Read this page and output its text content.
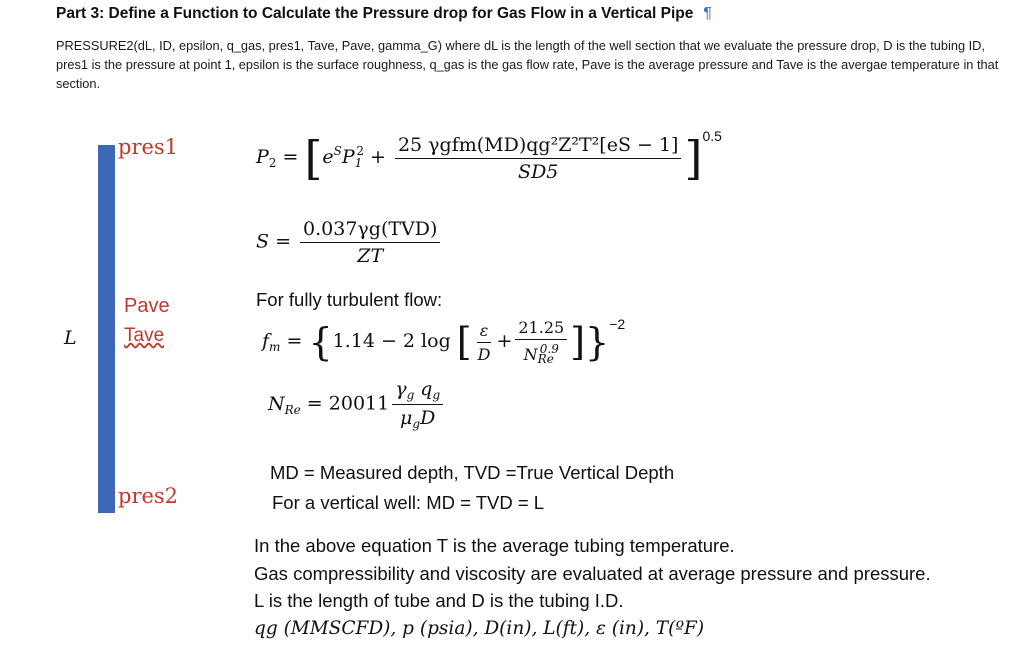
Part 3: Define a Function to Calculate the Pressure drop for Gas Flow in a Vertical Pipe ¶
PRESSURE2(dL, ID, epsilon, q_gas, pres1, Tave, Pave, gamma_G) where dL is the length of the well section that we evaluate the pressure drop, D is the tubing ID, pres1 is the pressure at point 1, epsilon is the surface roughness, q_gas is the gas flow rate, Pave is the average pressure and Tave is the avergae temperature in that section.
pres1
Pave
Tave
pres2
L
$P_2 = [e^SP_1^2 + \frac{\text{25 γgfm(MD)qg²Z²T²[eS − 1]}}{SD5} ]^{0.5}$
$S = \frac{\text{0.037γg(TVD)}}{ZT}$
For fully turbulent flow:
$f_m = \{1.14 - 2$ log [ $\frac{\varepsilon}{D} + \frac{21.25}{N_{Re}^{0.9}} ]\}^{-2}$
$N_{Re} = 20011 \frac{\gamma_g q_g}{\mu_gD}$
MD = Measured depth, TVD =True Vertical Depth
For a vertical well: MD = TVD = L
In the above equation T is the average tubing temperature.
Gas compressibility and viscosity are evaluated at average pressure and pressure.
L is the length of tube and D is the tubing I.D.
qg (MMSCFD), p (psia), D(in), L(ft), ε (in), T(ºF)
